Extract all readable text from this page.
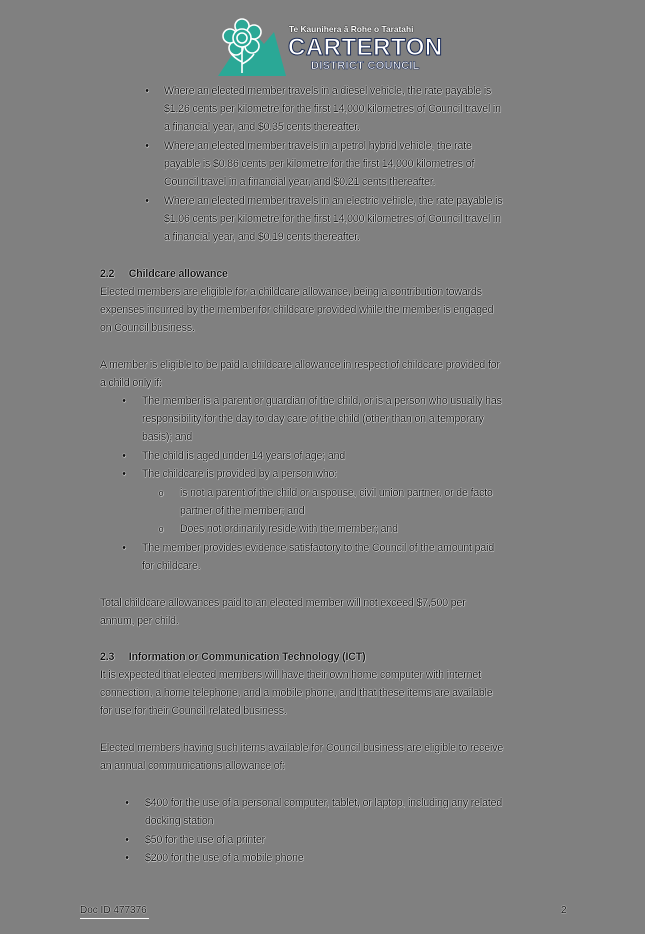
Te Kaunihera ā Rohe o Taratahi
CARTERTON
DISTRICT COUNCIL
•	Where an elected member travels in a diesel vehicle, the rate payable is
$1.26 cents per kilometre for the first 14,000 kilometres of Council travel in
a financial year, and $0.35 cents thereafter.
•	Where an elected member travels in a petrol hybrid vehicle, the rate
payable is $0.86 cents per kilometre for the first 14,000 kilometres of
Council travel in a financial year, and $0.21 cents thereafter.
•	Where an elected member travels in an electric vehicle, the rate payable is
$1.06 cents per kilometre for the first 14,000 kilometres of Council travel in
a financial year, and $0.19 cents thereafter.
2.2 Childcare allowance
Elected members are eligible for a childcare allowance, being a contribution towards
expenses incurred by the member for childcare provided while the member is engaged
on Council business.
A member is eligible to be paid a childcare allowance in respect of childcare provided for
a child only if:
•	The member is a parent or guardian of the child, or is a person who usually has
responsibility for the day-to-day care of the child (other than on a temporary
basis); and
•	The child is aged under 14 years of age; and
•	The childcare is provided by a person who:
o is not a parent of the child or a spouse, civil union partner, or de facto
partner of the member; and
o Does not ordinarily reside with the member; and
•	The member provides evidence satisfactory to the Council of the amount paid
for childcare.
Total childcare allowances paid to an elected member will not exceed $7,500 per
annum, per child.
2.3 Information or Communication Technology (ICT)
It is expected that elected members will have their own home computer with internet
connection, a home telephone, and a mobile phone, and that these items are available
for use for their Council-related business.
Elected members having such items available for Council business are eligible to receive
an annual communications allowance of:
•	$400 for the use of a personal computer, tablet, or laptop, including any related
docking station
•	$50 for the use of a printer
•	$200 for the use of a mobile phone
Doc ID 477376	2
